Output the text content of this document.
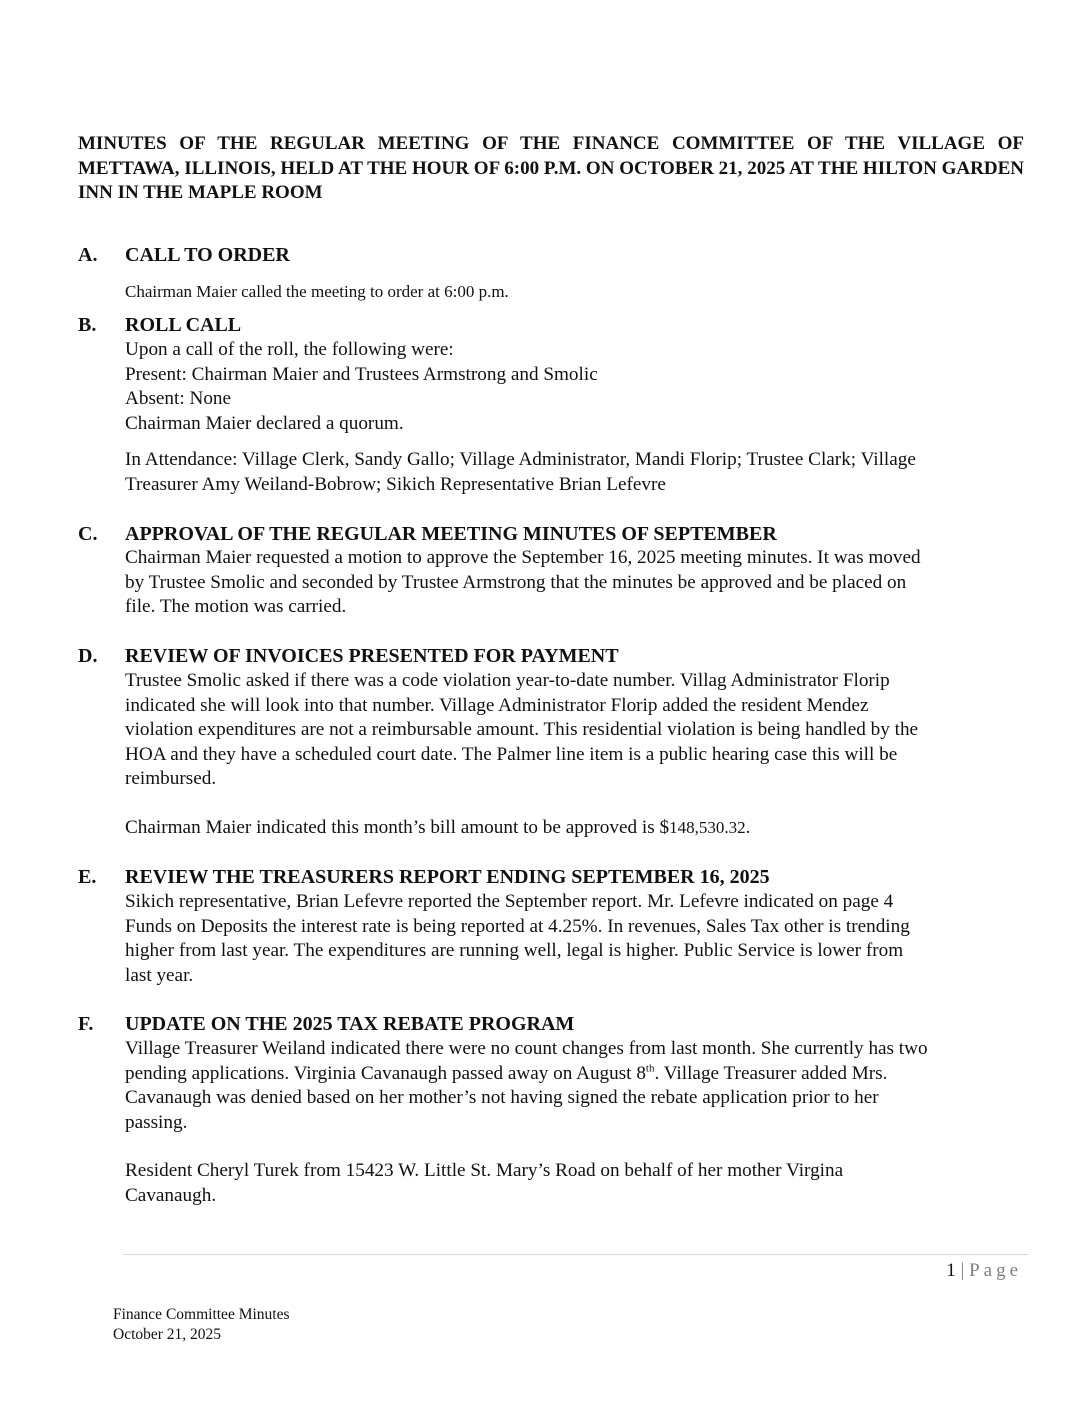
MINUTES OF THE REGULAR MEETING OF THE FINANCE COMMITTEE OF THE VILLAGE OF METTAWA, ILLINOIS, HELD AT THE HOUR OF 6:00 P.M. ON OCTOBER 21, 2025 AT THE HILTON GARDEN INN IN THE MAPLE ROOM
A. CALL TO ORDER

Chairman Maier called the meeting to order at 6:00 p.m.

B. ROLL CALL

Upon a call of the roll, the following were:
Present: Chairman Maier and Trustees Armstrong and Smolic
Absent: None
Chairman Maier declared a quorum.

In Attendance: Village Clerk, Sandy Gallo; Village Administrator, Mandi Florip; Trustee Clark; Village
Treasurer Amy Weiland-Bobrow; Sikich Representative Brian Lefevre

C. APPROVAL OF THE REGULAR MEETING MINUTES OF SEPTEMBER

Chairman Maier requested a motion to approve the September 16, 2025 meeting minutes. It was moved
by Trustee Smolic and seconded by Trustee Armstrong that the minutes be approved and be placed on
file. The motion was carried.

D. REVIEW OF INVOICES PRESENTED FOR PAYMENT

Trustee Smolic asked if there was a code violation year-to-date number. Villag Administrator Florip
indicated she will look into that number. Village Administrator Florip added the resident Mendez
violation expenditures are not a reimbursable amount. This residential violation is being handled by the
HOA and they have a scheduled court date. The Palmer line item is a public hearing case this will be
reimbursed.

Chairman Maier indicated this month’s bill amount to be approved is $148,530.32.

E. REVIEW THE TREASURERS REPORT ENDING SEPTEMBER 16, 2025

Sikich representative, Brian Lefevre reported the September report. Mr. Lefevre indicated on page 4
Funds on Deposits the interest rate is being reported at 4.25%. In revenues, Sales Tax other is trending
higher from last year. The expenditures are running well, legal is higher. Public Service is lower from
last year.

F. UPDATE ON THE 2025 TAX REBATE PROGRAM

Village Treasurer Weiland indicated there were no count changes from last month. She currently has two
pending applications. Virginia Cavanaugh passed away on August 8th. Village Treasurer added Mrs.
Cavanaugh was denied based on her mother’s not having signed the rebate application prior to her
passing.

Resident Cheryl Turek from 15423 W. Little St. Mary’s Road on behalf of her mother Virgina
Cavanaugh.

1 | Page
Finance Committee Minutes
October 21, 2025
